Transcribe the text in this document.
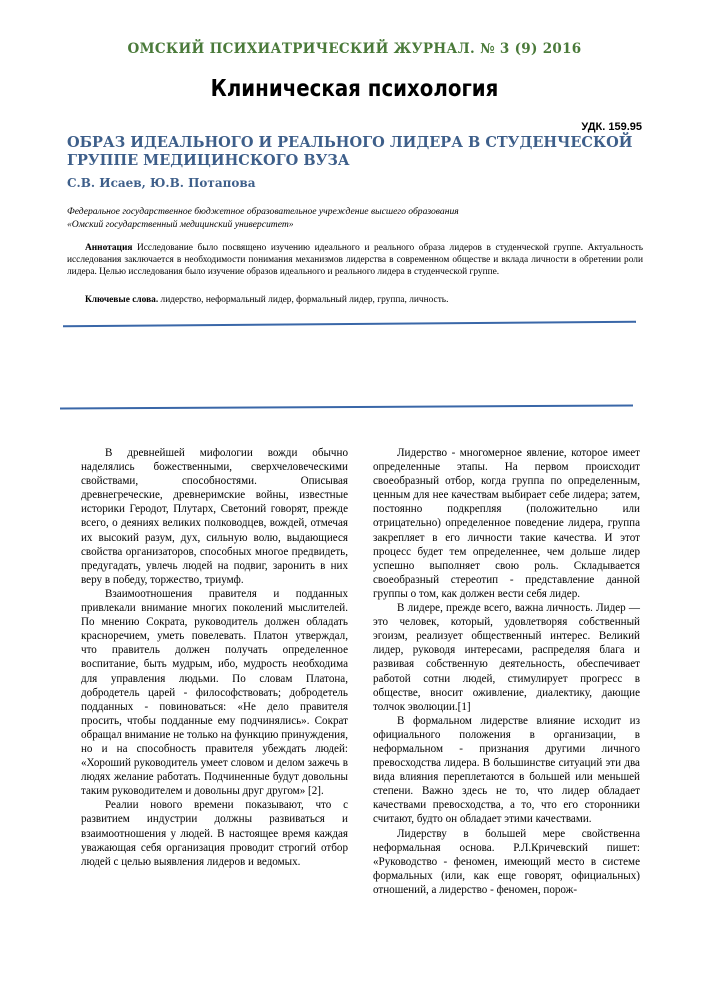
ОМСКИЙ ПСИХИАТРИЧЕСКИЙ ЖУРНАЛ. № 3 (9) 2016
Клиническая психология
УДК. 159.95
ОБРАЗ ИДЕАЛЬНОГО И РЕАЛЬНОГО ЛИДЕРА В СТУДЕНЧЕСКОЙ ГРУППЕ МЕДИЦИНСКОГО ВУЗА
С.В. Исаев, Ю.В. Потапова
Федеральное государственное бюджетное образовательное учреждение высшего образования
«Омский государственный медицинский университет»

Аннотация Исследование было посвящено изучению идеального и реального образа лидеров в студенческой группе. Актуальность исследования заключается в необходимости понимания механизмов лидерства в современном обществе и вклада личности в обретении роли лидера. Целью исследования было изучение образов идеального и реального лидера в студенческой группе.

Ключевые слова. лидерство, неформальный лидер, формальный лидер, группа, личность.

В древнейшей мифологии вожди обычно наделялись божественными, сверхчеловеческими свойствами, способностями. Описывая древнегреческие, древнеримские войны, известные историки Геродот, Плутарх, Светоний говорят, прежде всего, о деяниях великих полководцев, вождей, отмечая их высокий разум, дух, сильную волю, выдающиеся свойства организаторов, способных многое предвидеть, предугадать, увлечь людей на подвиг, заронить в них веру в победу, торжество, триумф.

Взаимоотношения правителя и подданных привлекали внимание многих поколений мыслителей. По мнению Сократа, руководитель должен обладать красноречием, уметь повелевать. Платон утверждал, что правитель должен получать определенное воспитание, быть мудрым, ибо, мудрость необходима для управления людьми. По словам Платона, добродетель царей - философствовать; добродетель подданных - повиноваться: «Не дело правителя просить, чтобы подданные ему подчинялись». Сократ обращал внимание не только на функцию принуждения, но и на способность правителя убеждать людей: «Хороший руководитель умеет словом и делом зажечь в людях желание работать. Подчиненные будут довольны таким руководителем и довольны друг другом» [2].

Реалии нового времени показывают, что с развитием индустрии должны развиваться и взаимоотношения у людей. В настоящее время каждая уважающая себя организация проводит строгий отбор людей с целью выявления лидеров и ведомых.

Лидерство - многомерное явление, которое имеет определенные этапы. На первом происходит своеобразный отбор, когда группа по определенным, ценным для нее качествам выбирает себе лидера; затем, постоянно подкрепляя (положительно или отрицательно) определенное поведение лидера, группа закрепляет в его личности такие качества. И этот процесс будет тем определеннее, чем дольше лидер успешно выполняет свою роль. Складывается своеобразный стереотип - представление данной группы о том, как должен вести себя лидер.

В лидере, прежде всего, важна личность. Лидер — это человек, который, удовлетворяя собственный эгоизм, реализует общественный интерес. Великий лидер, руководя интересами, распределяя блага и развивая собственную деятельность, обеспечивает работой сотни людей, стимулирует прогресс в обществе, вносит оживление, диалектику, дающие толчок эволюции.[1]

В формальном лидерстве влияние исходит из официального положения в организации, в неформальном - признания другими личного превосходства лидера. В большинстве ситуаций эти два вида влияния переплетаются в большей или меньшей степени. Важно здесь не то, что лидер обладает качествами превосходства, а то, что его сторонники считают, будто он обладает этими качествами.

Лидерству в большей мере свойственна неформальная основа. Р.Л.Кричевский пишет: «Руководство - феномен, имеющий место в системе формальных (или, как еще говорят, официальных) отношений, а лидерство - феномен, порож-
